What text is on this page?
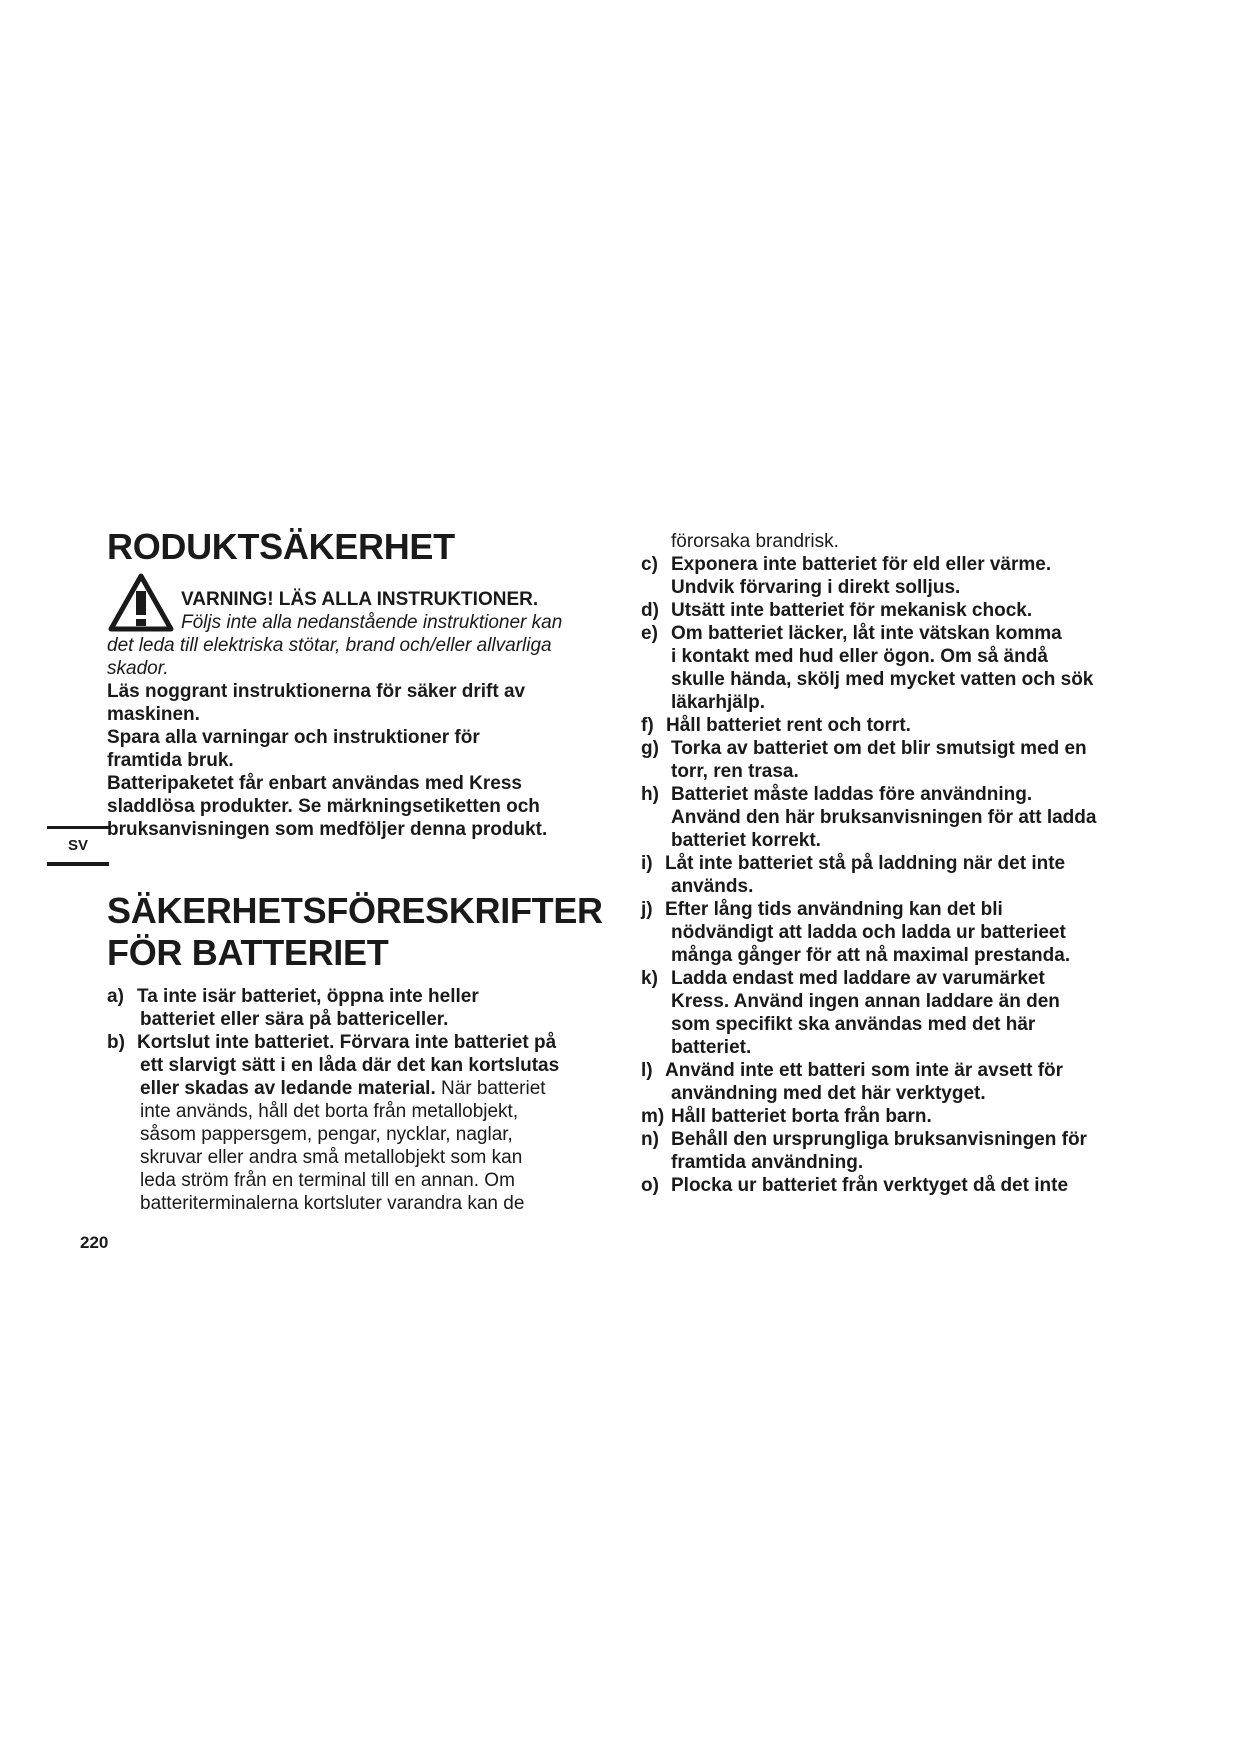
RODUKTSÄKERHET
VARNING! LÄS ALLA INSTRUKTIONER.
Följs inte alla nedanstående instruktioner kan
det leda till elektriska stötar, brand och/eller allvarliga
skador.
Läs noggrant instruktionerna för säker drift av
maskinen.
Spara alla varningar och instruktioner för
framtida bruk.
Batteripaketet får enbart användas med Kress
sladdlösa produkter. Se märkningsetiketten och
bruksanvisningen som medföljer denna produkt.
SV
SÄKERHETSFÖRESKRIFTER
FÖR BATTERIET
a) Ta inte isär batteriet, öppna inte heller
batteriet eller sära på battericeller.
b) Kortslut inte batteriet. Förvara inte batteriet på
ett slarvigt sätt i en låda där det kan kortslutas
eller skadas av ledande material. När batteriet
inte används, håll det borta från metallobjekt,
såsom pappersgem, pengar, nycklar, naglar,
skruvar eller andra små metallobjekt som kan
leda ström från en terminal till en annan. Om
batteriterminalerna kortsluter varandra kan de
förorsaka brandrisk.
c) Exponera inte batteriet för eld eller värme.
Undvik förvaring i direkt solljus.
d) Utsätt inte batteriet för mekanisk chock.
e) Om batteriet läcker, låt inte vätskan komma
i kontakt med hud eller ögon. Om så ändå
skulle hända, skölj med mycket vatten och sök
läkarhjälp.
f) Håll batteriet rent och torrt.
g) Torka av batteriet om det blir smutsigt med en
torr, ren trasa.
h) Batteriet måste laddas före användning.
Använd den här bruksanvisningen för att ladda
batteriet korrekt.
i) Låt inte batteriet stå på laddning när det inte
används.
j) Efter lång tids användning kan det bli
nödvändigt att ladda och ladda ur batterieet
många gånger för att nå maximal prestanda.
k) Ladda endast med laddare av varumärket
Kress. Använd ingen annan laddare än den
som specifikt ska användas med det här
batteriet.
l) Använd inte ett batteri som inte är avsett för
användning med det här verktyget.
m) Håll batteriet borta från barn.
n) Behåll den ursprungliga bruksanvisningen för
framtida användning.
o) Plocka ur batteriet från verktyget då det inte
220
